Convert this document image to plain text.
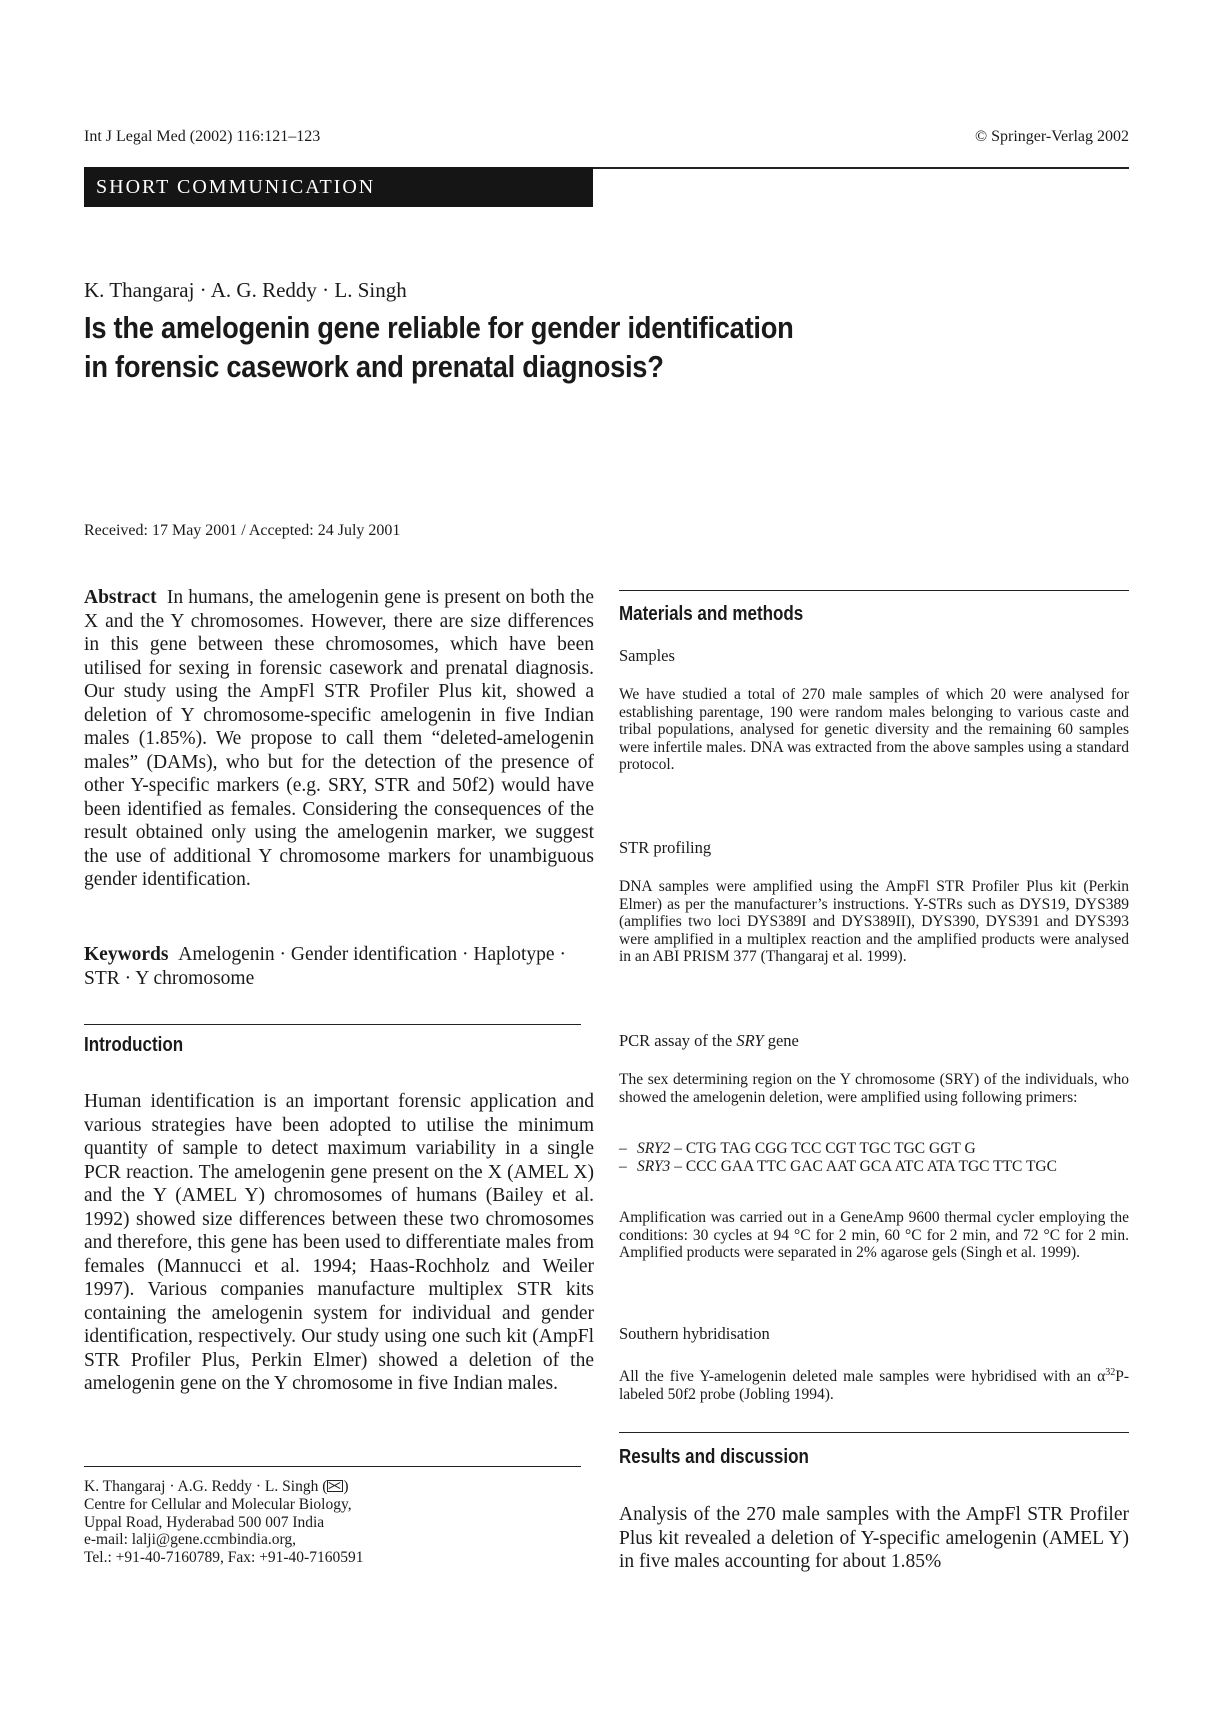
Int J Legal Med (2002) 116:121–123	© Springer-Verlag 2002
SHORT COMMUNICATION
K. Thangaraj · A. G. Reddy · L. Singh
Is the amelogenin gene reliable for gender identification
in forensic casework and prenatal diagnosis?
Received: 17 May 2001 / Accepted: 24 July 2001

Abstract In humans, the amelogenin gene is present on both the X and the Y chromosomes. However, there are size differences in this gene between these chromosomes, which have been utilised for sexing in forensic casework and prenatal diagnosis. Our study using the AmpFl STR Profiler Plus kit, showed a deletion of Y chromosome-specific amelogenin in five Indian males (1.85%). We propose to call them “deleted-amelogenin males” (DAMs), who but for the detection of the presence of other Y-specific markers (e.g. SRY, STR and 50f2) would have been identified as females. Considering the consequences of the result obtained only using the amelogenin marker, we suggest the use of additional Y chromosome markers for unambiguous gender identification.

Keywords Amelogenin · Gender identification · Haplotype · STR · Y chromosome

Introduction
Human identification is an important forensic application and various strategies have been adopted to utilise the minimum quantity of sample to detect maximum variability in a single PCR reaction. The amelogenin gene present on the X (AMEL X) and the Y (AMEL Y) chromosomes of humans (Bailey et al. 1992) showed size differences between these two chromosomes and therefore, this gene has been used to differentiate males from females (Mannucci et al. 1994; Haas-Rochholz and Weiler 1997). Various companies manufacture multiplex STR kits containing the amelogenin system for individual and gender identification, respectively. Our study using one such kit (AmpFl STR Profiler Plus, Perkin Elmer) showed a deletion of the amelogenin gene on the Y chromosome in five Indian males.
K. Thangaraj · A.G. Reddy · L. Singh ( )
Centre for Cellular and Molecular Biology,
Uppal Road, Hyderabad 500 007 India
e-mail: lalji@gene.ccmbindia.org,
Tel.: +91-40-7160789, Fax: +91-40-7160591
Materials and methods
Samples
We have studied a total of 270 male samples of which 20 were analysed for establishing parentage, 190 were random males belonging to various caste and tribal populations, analysed for genetic diversity and the remaining 60 samples were infertile males. DNA was extracted from the above samples using a standard protocol.
STR profiling
DNA samples were amplified using the AmpFl STR Profiler Plus kit (Perkin Elmer) as per the manufacturer’s instructions. Y-STRs such as DYS19, DYS389 (amplifies two loci DYS389I and DYS389II), DYS390, DYS391 and DYS393 were amplified in a multiplex reaction and the amplified products were analysed in an ABI PRISM 377 (Thangaraj et al. 1999).
PCR assay of the SRY gene
The sex determining region on the Y chromosome (SRY) of the individuals, who showed the amelogenin deletion, were amplified using following primers:
– SRY2 – CTG TAG CGG TCC CGT TGC TGC GGT G
– SRY3 – CCC GAA TTC GAC AAT GCA ATC ATA TGC TTC TGC
Amplification was carried out in a GeneAmp 9600 thermal cycler employing the conditions: 30 cycles at 94 °C for 2 min, 60 °C for 2 min, and 72 °C for 2 min. Amplified products were separated in 2% agarose gels (Singh et al. 1999).
Southern hybridisation
All the five Y-amelogenin deleted male samples were hybridised with an $\alpha^{32}P$-labeled 50f2 probe (Jobling 1994).
Results and discussion
Analysis of the 270 male samples with the AmpFl STR Profiler Plus kit revealed a deletion of Y-specific amelogenin (AMEL Y) in five males accounting for about 1.85%
